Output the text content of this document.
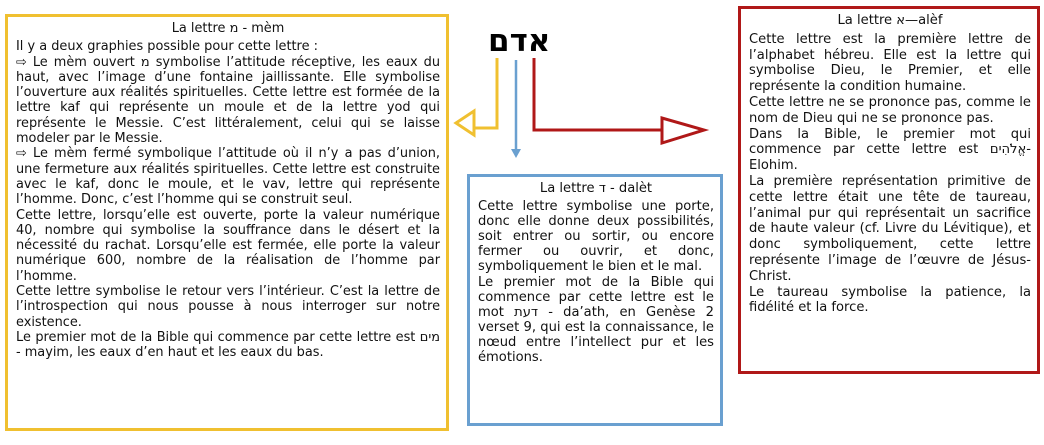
La lettre מ - mèm

Il y a deux graphies possible pour cette lettre :

⇨ Le mèm ouvert מ symbolise l’attitude réceptive, les eaux du haut, avec l’image d’une fontaine jaillissante. Elle symbolise l’ouverture aux réalités spirituelles. Cette lettre est formée de la lettre kaf qui représente un moule et de la lettre yod qui représente le Messie. C’est littéralement, celui qui se laisse modeler par le Messie.

⇨ Le mèm fermé symbolique l’attitude où il n’y a pas d’union, une fermeture aux réalités spirituelles. Cette lettre est construite avec le kaf, donc le moule, et le vav, lettre qui représente l’homme. Donc, c’est l’homme qui se construit seul.

Cette lettre, lorsqu’elle est ouverte, porte la valeur numérique 40, nombre qui symbolise la souffrance dans le désert et la nécessité du rachat. Lorsqu’elle est fermée, elle porte la valeur numérique 600, nombre de la réalisation de l’homme par l’homme.

Cette lettre symbolise le retour vers l’intérieur. C’est la lettre de l’introspection qui nous pousse à nous interroger sur notre existence.

Le premier mot de la Bible qui commence par cette lettre est מים - mayim, les eaux d’en haut et les eaux du bas.

אדם
La lettre ד - dalèt

Cette lettre symbolise une porte, donc elle donne deux possibilités, soit entrer ou sortir, ou encore fermer ou ouvrir, et donc, symboliquement le bien et le mal.

Le premier mot de la Bible qui commence par cette lettre est le mot דעת - da’ath, en Genèse 2 verset 9, qui est la connaissance, le nœud entre l’intellect pur et les émotions.

La lettre א—alèf

Cette lettre est la première lettre de l’alphabet hébreu. Elle est la lettre qui symbolise Dieu, le Premier, et elle représente la condition humaine.

Cette lettre ne se prononce pas, comme le nom de Dieu qui ne se prononce pas.

Dans la Bible, le premier mot qui commence par cette lettre est אֱלֹהִים- Elohim.

La première représentation primitive de cette lettre était une tête de taureau, l’animal pur qui représentait un sacrifice de haute valeur (cf. Livre du Lévitique), et donc symboliquement, cette lettre représente l’image de l’œuvre de Jésus-Christ.

Le taureau symbolise la patience, la fidélité et la force.
